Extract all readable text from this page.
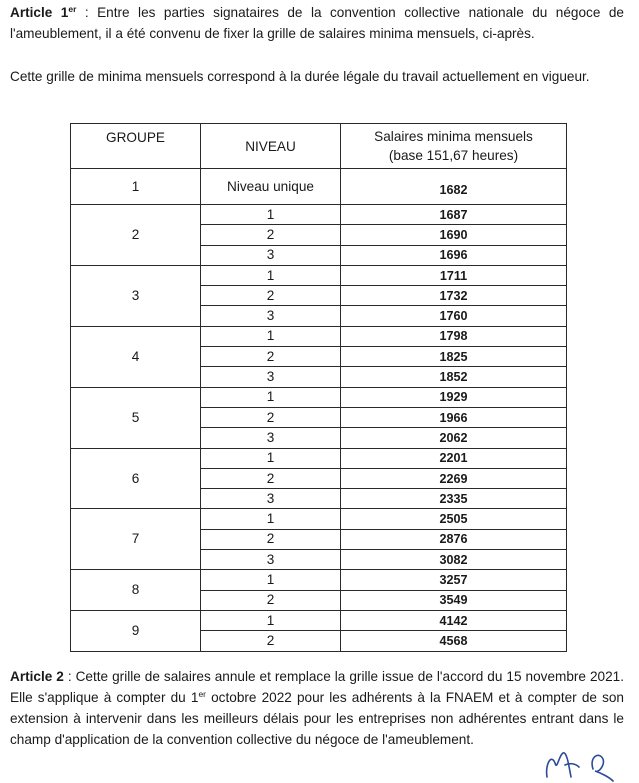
Article 1er : Entre les parties signataires de la convention collective nationale du négoce de l'ameublement, il a été convenu de fixer la grille de salaires minima mensuels, ci-après.

Cette grille de minima mensuels correspond à la durée légale du travail actuellement en vigueur.

GROUPE	NIVEAU	Salaires minima mensuels
(base 151,67 heures)

1	Niveau unique	1682
2	1	1687
	2	1690
	3	1696
3	1	1711
	2	1732
	3	1760
4	1	1798
	2	1825
	3	1852
5	1	1929
	2	1966
	3	2062
6	1	2201
	2	2269
	3	2335
7	1	2505
	2	2876
	3	3082
8	1	3257
	2	3549
9	1	4142
	2	4568

Article 2 : Cette grille de salaires annule et remplace la grille issue de l'accord du 15 novembre 2021. Elle s'applique à compter du 1er octobre 2022 pour les adhérents à la FNAEM et à compter de son extension à intervenir dans les meilleurs délais pour les entreprises non adhérentes entrant dans le champ d'application de la convention collective du négoce de l'ameublement.
